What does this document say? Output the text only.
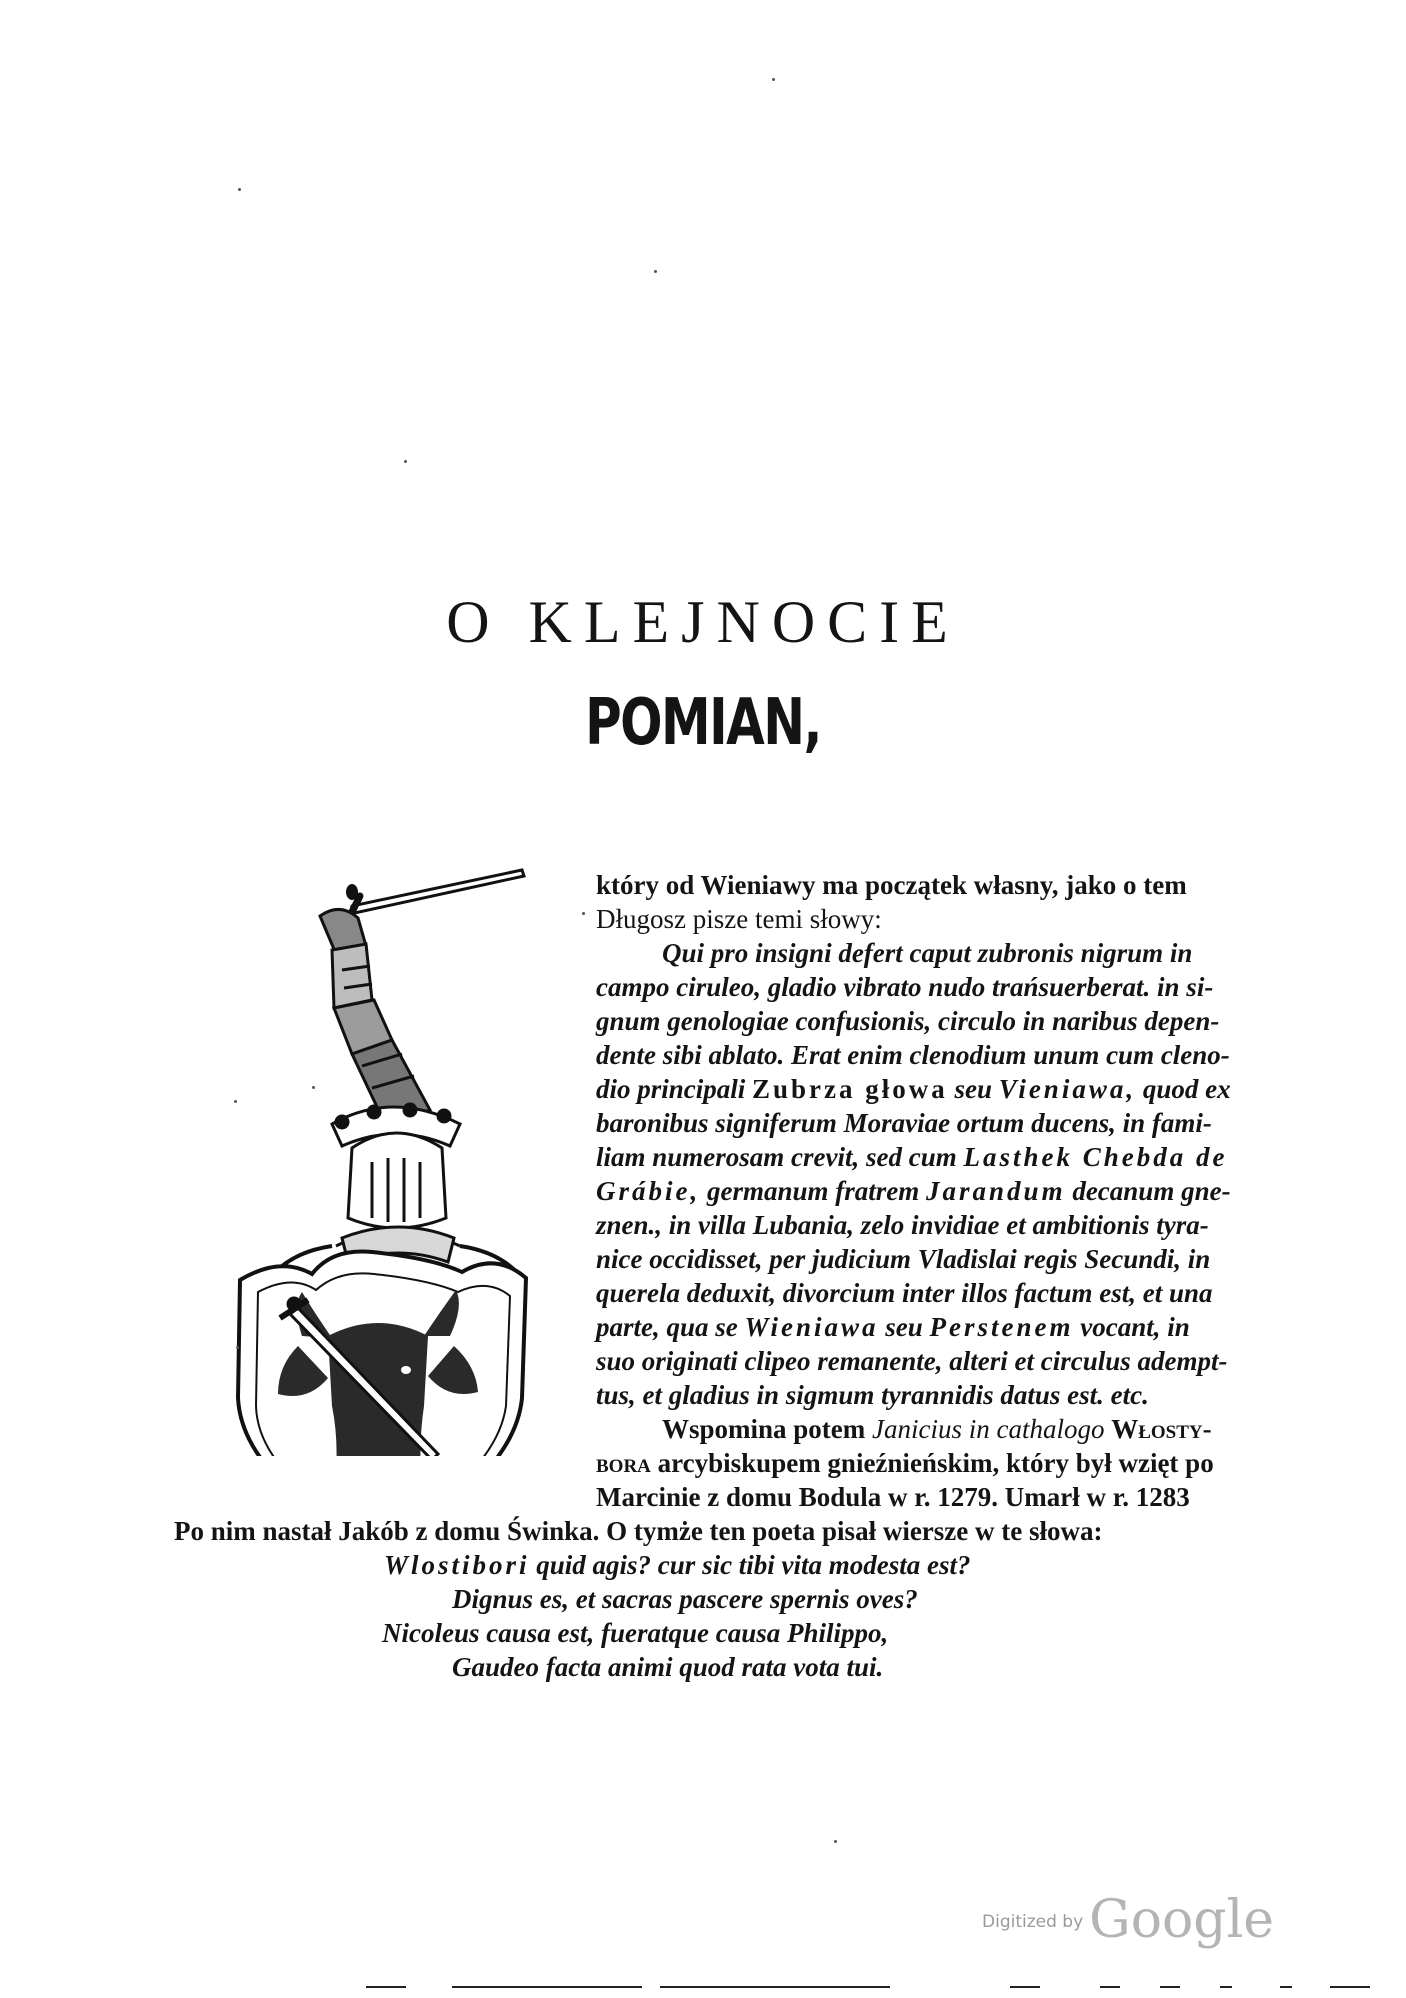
O KLEJNOCIE
POMIAN,
który od Wieniawy ma początek własny, jako o tem
Długosz pisze temi słowy:
Qui pro insigni defert caput zubronis nigrum in
campo ciruleo, gladio vibrato nudo trańsuerberat. in si-
gnum genologiae confusionis, circulo in naribus depen-
dente sibi ablato. Erat enim clenodium unum cum cleno-
dio principali Zubrza głowa seu Vieniawa, quod ex
baronibus signiferum Moraviae ortum ducens, in fami-
liam numerosam crevit, sed cum Lasthek Chebda de
Grábie, germanum fratrem Jarandum decanum gne-
znen., in villa Lubania, zelo invidiae et ambitionis tyra-
nice occidisset, per judicium Vladislai regis Secundi, in
querela deduxit, divorcium inter illos factum est, et una
parte, qua se Wieniawa seu Perstenem vocant, in
suo originati clipeo remanente, alteri et circulus adempt-
tus, et gladius in sigmum tyrannidis datus est. etc.
Wspomina potem Janicius in cathalogo Włosty-
bora arcybiskupem gnieźnieńskim, który był wzięt po
Marcinie z domu Bodula w r. 1279. Umarł w r. 1283
Po nim nastał Jakób z domu Świnka. O tymże ten poeta pisał wiersze w te słowa:
Wlostibori quid agis? cur sic tibi vita modesta est?
Dignus es, et sacras pascere spernis oves?
Nicoleus causa est, fueratque causa Philippo,
Gaudeo facta animi quod rata vota tui.
Digitized by Google
